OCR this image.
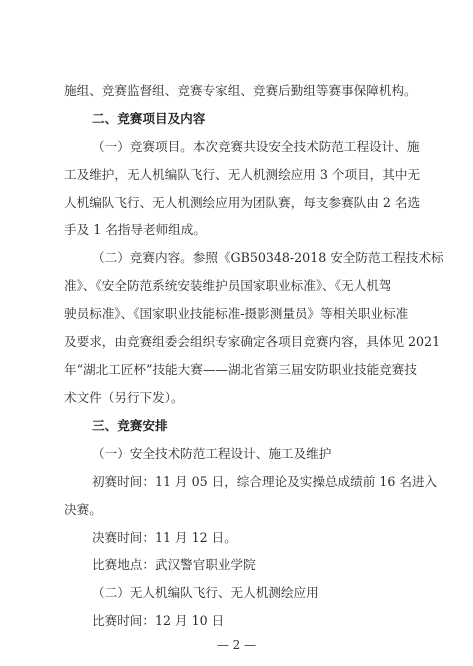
施组、竞赛监督组、竞赛专家组、竞赛后勤组等赛事保障机构。
二、竞赛项目及内容
（一）竞赛项目。本次竞赛共设安全技术防范工程设计、施
工及维护，无人机编队飞行、无人机测绘应用 3 个项目，其中无
人机编队飞行、无人机测绘应用为团队赛，每支参赛队由 2 名选
手及 1 名指导老师组成。
（二）竞赛内容。参照《GB50348-2018 安全防范工程技术标
准》、《安全防范系统安装维护员国家职业标准》、《无人机驾
驶员标准》、《国家职业技能标准-摄影测量员》等相关职业标准
及要求，由竞赛组委会组织专家确定各项目竞赛内容，具体见 2021
年“湖北工匠杯”技能大赛——湖北省第三届安防职业技能竞赛技
术文件（另行下发）。
三、竞赛安排
（一）安全技术防范工程设计、施工及维护
初赛时间：11 月 05 日，综合理论及实操总成绩前 16 名进入
决赛。
决赛时间：11 月 12 日。
比赛地点：武汉警官职业学院
（二）无人机编队飞行、无人机测绘应用
比赛时间：12 月 10 日
— 2 —
